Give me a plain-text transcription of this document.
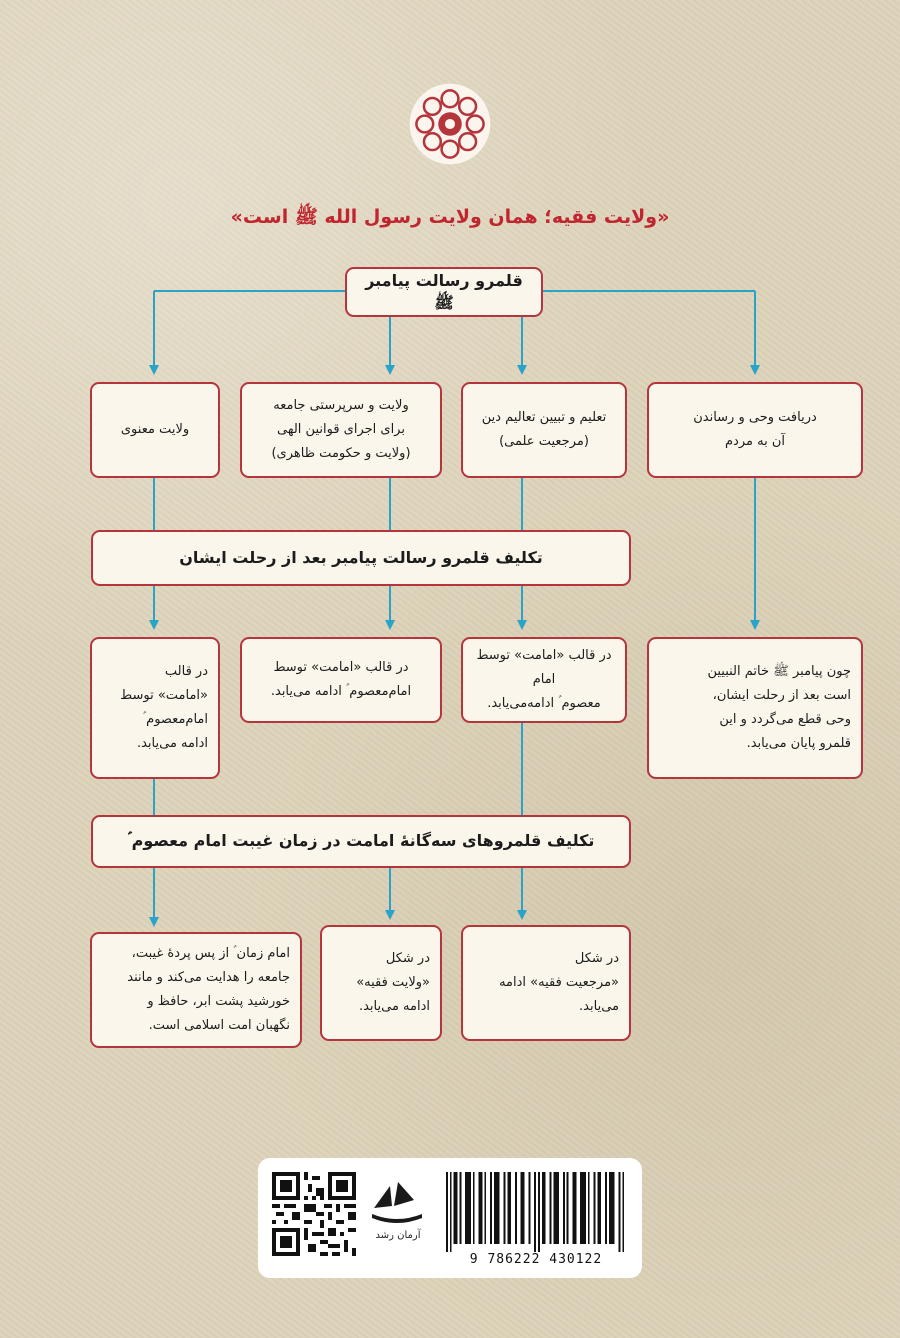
«ولایت فقیه؛ همان ولایت رسول الله ﷺ است»
قلمرو رسالت پیامبر ﷺ
دریافت وحی و رساندن
آن به مردم
تعلیم و تبیین تعالیم دین
(مرجعیت علمی)
ولایت و سرپرستی جامعه
برای اجرای قوانین الهی
(ولایت و حکومت ظاهری)
ولایت معنوی
تکلیف قلمرو رسالت پیامبر بعد از رحلت ایشان
چون پیامبر ﷺ خاتم النبیین
است بعد از رحلت ایشان،
وحی قطع می‌گردد و این
قلمرو پایان می‌یابد.
در قالب «امامت» توسط امام
معصوم ؑ ادامه‌می‌یابد.
در قالب «امامت» توسط
امام‌معصوم ؑ ادامه می‌یابد.
در قالب
«امامت» توسط
امام‌معصوم ؑ
ادامه می‌یابد.
تکلیف قلمروهای سه‌گانهٔ امامت در زمان غیبت امام معصوم ؑ
در شکل
«مرجعیت فقیه» ادامه
می‌یابد.
در شکل
«ولایت فقیه»
ادامه می‌یابد.
امام زمان ؑ از پس پردهٔ غیبت،
جامعه را هدایت می‌کند و مانند
خورشید پشت ابر، حافظ و
نگهبان امت اسلامی است.
آرمان رشد
9 786222 430122
